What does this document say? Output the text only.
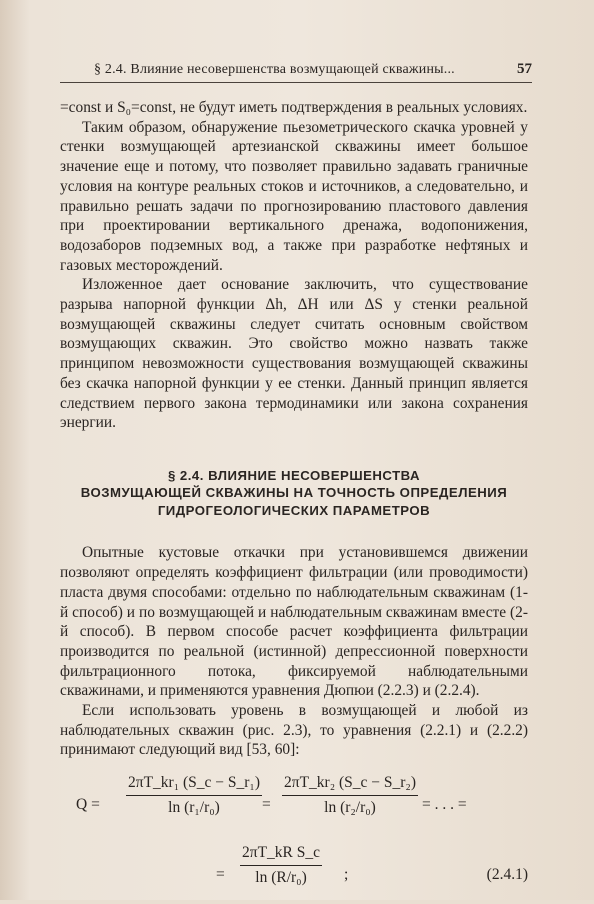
§ 2.4. Влияние несовершенства возмущающей скважины...	57

=const и S₀=const, не будут иметь подтверждения в реальных условиях.

Таким образом, обнаружение пьезометрического скачка уровней у стенки возмущающей артезианской скважины имеет большое значение еще и потому, что позволяет правильно задавать граничные условия на контуре реальных стоков и источников, а следовательно, и правильно решать задачи по прогнозированию пластового давления при проектировании вертикального дренажа, водопонижения, водозаборов подземных вод, а также при разработке нефтяных и газовых месторождений.

Изложенное дает основание заключить, что существование разрыва напорной функции Δh, ΔH или ΔS у стенки реальной возмущающей скважины следует считать основным свойством возмущающих скважин. Это свойство можно назвать также принципом невозможности существования возмущающей скважины без скачка напорной функции у ее стенки. Данный принцип является следствием первого закона термодинамики или закона сохранения энергии.

§ 2.4. ВЛИЯНИЕ НЕСОВЕРШЕНСТВА
ВОЗМУЩАЮЩЕЙ СКВАЖИНЫ НА ТОЧНОСТЬ ОПРЕДЕЛЕНИЯ
ГИДРОГЕОЛОГИЧЕСКИХ ПАРАМЕТРОВ

Опытные кустовые откачки при установившемся движении позволяют определять коэффициент фильтрации (или проводимости) пласта двумя способами: отдельно по наблюдательным скважинам (1-й способ) и по возмущающей и наблюдательным скважинам вместе (2-й способ). В первом способе расчет коэффициента фильтрации производится по реальной (истинной) депрессионной поверхности фильтрационного потока, фиксируемой наблюдательными скважинами, и применяются уравнения Дюпюи (2.2.3) и (2.2.4).

Если использовать уровень в возмущающей и любой из наблюдательных скважин (рис. 2.3), то уравнения (2.2.1) и (2.2.2) принимают следующий вид [53, 60]:

Q =
2πT_kr₁ (S_c − S_r₁)
ln (r₁/r₀)	=
2πT_kr₂ (S_c − S_r₂)
ln (r₂/r₀)	= . . . =
=
2πT_kR S_c
ln (R/r₀) ;	(2.4.1)
